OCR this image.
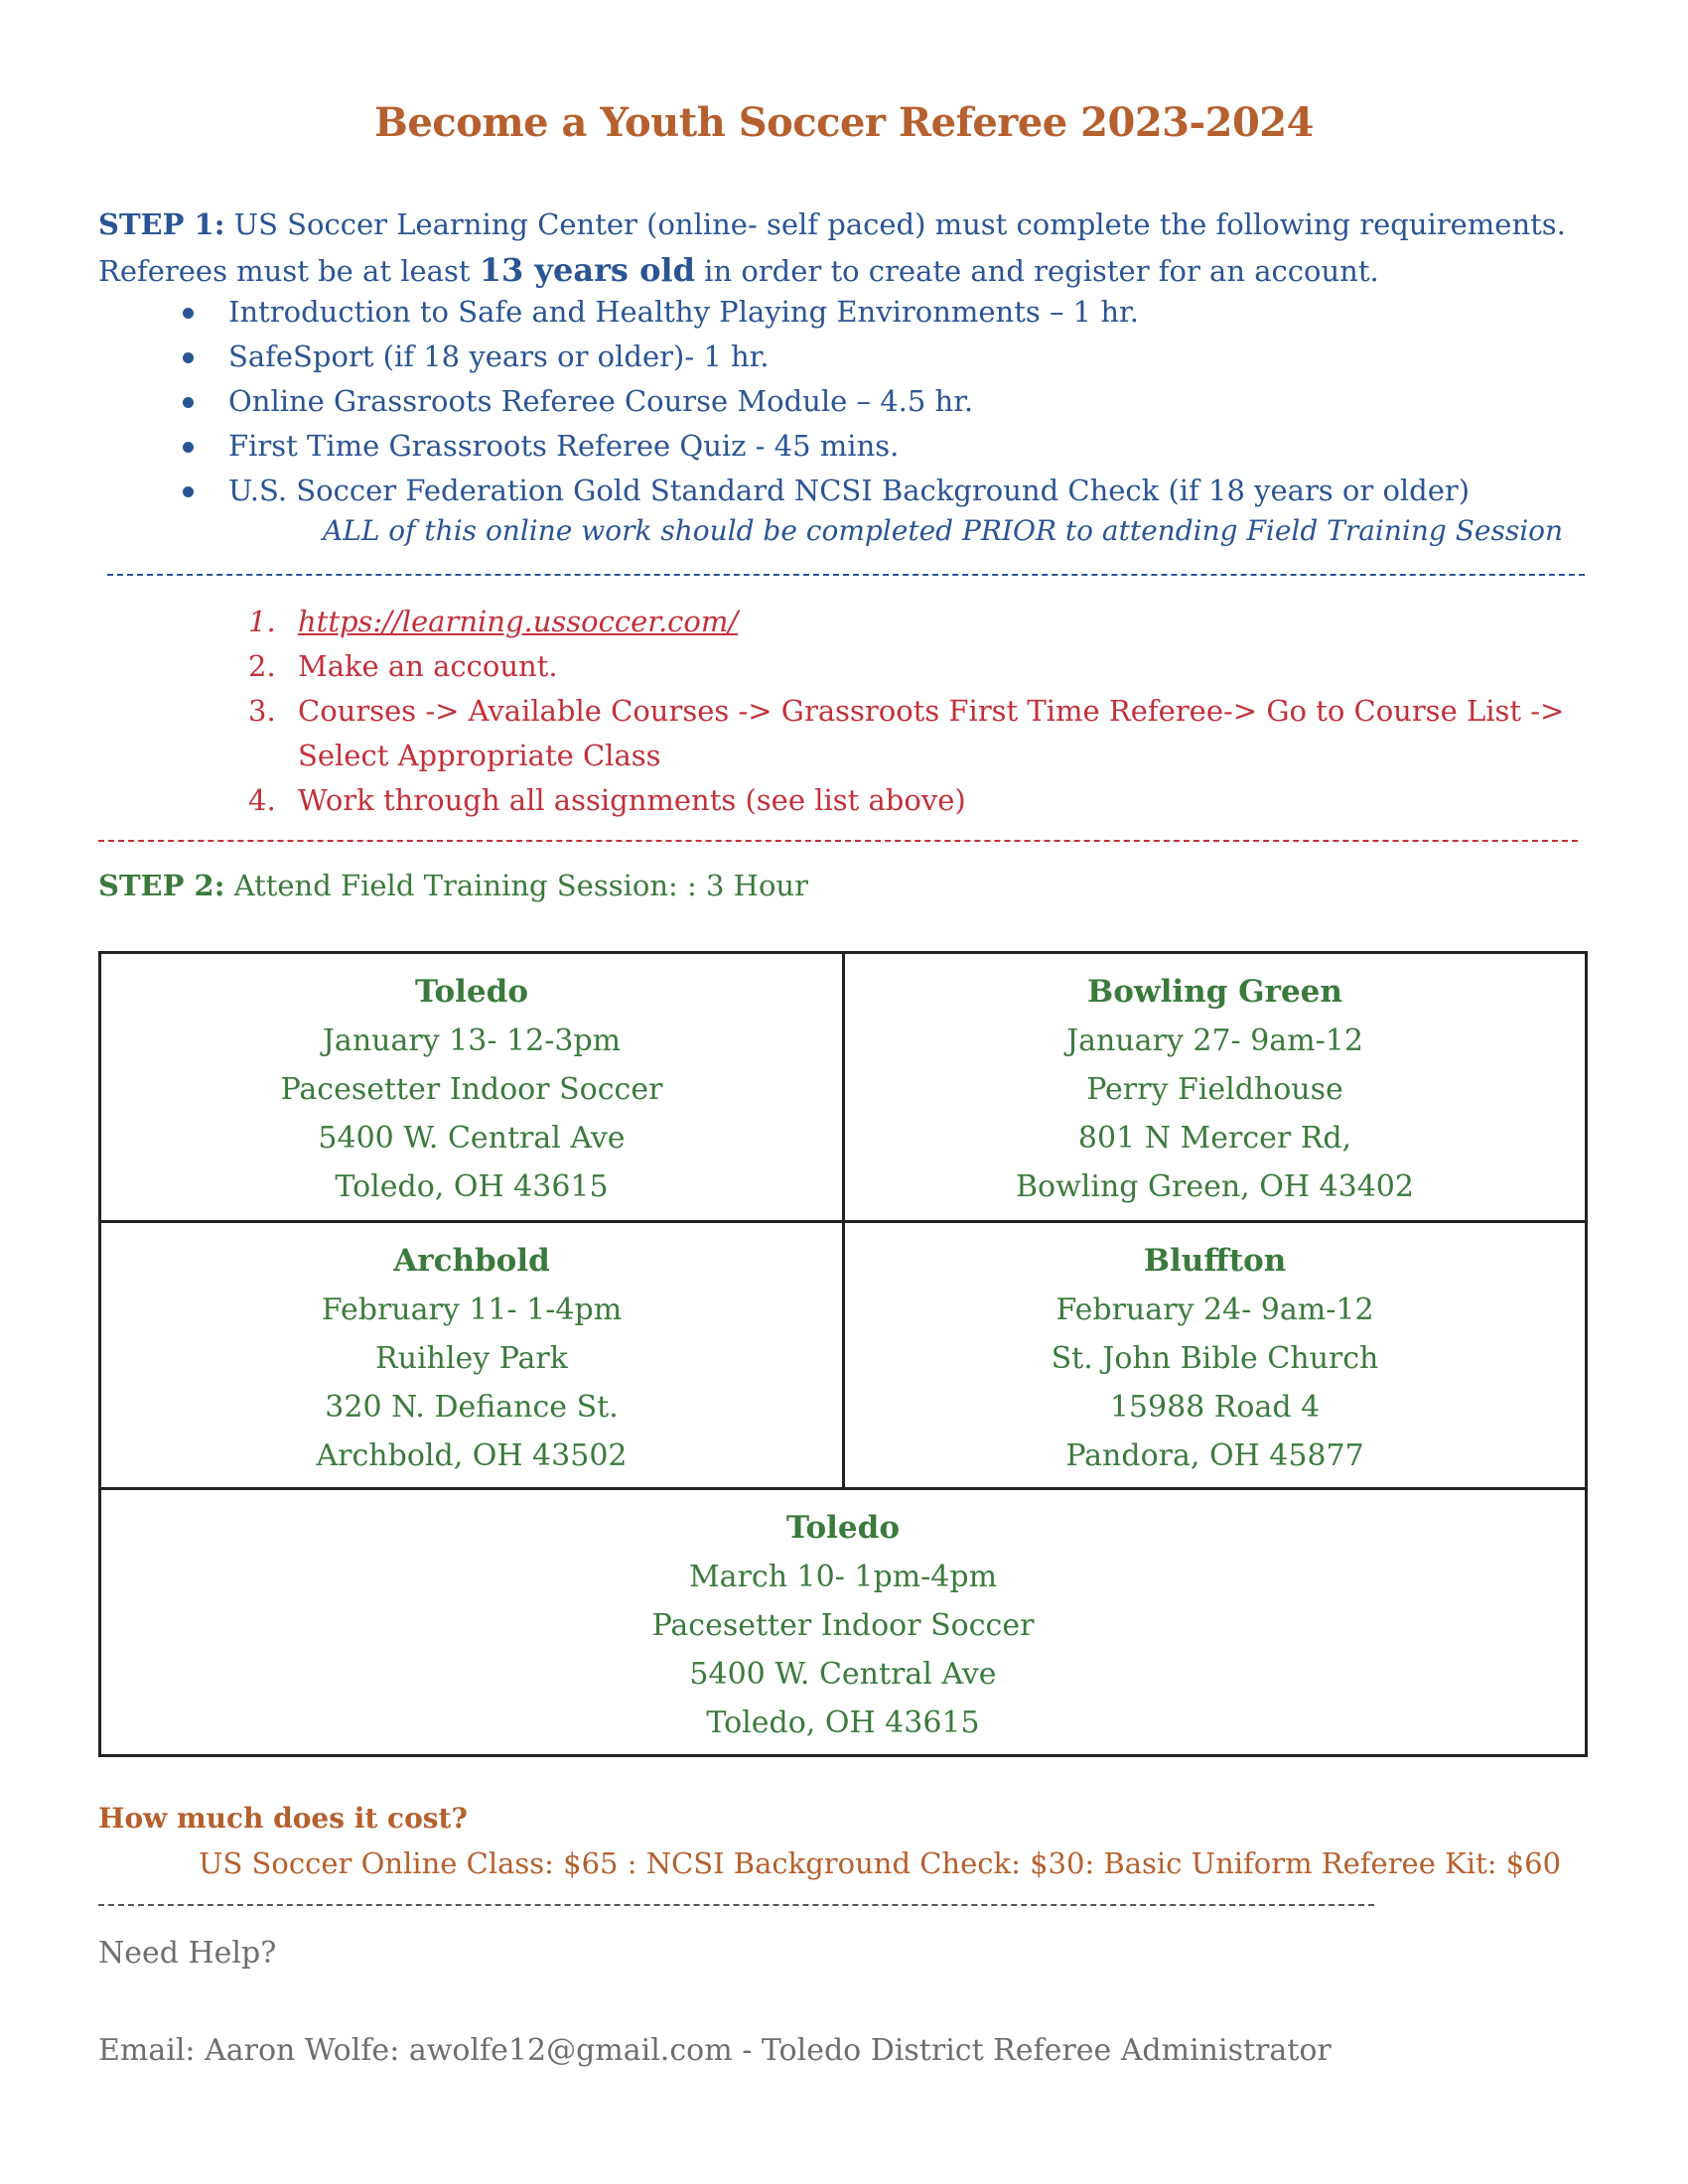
Become a Youth Soccer Referee 2023-2024
STEP 1: US Soccer Learning Center (online- self paced) must complete the following requirements.
Referees must be at least 13 years old in order to create and register for an account.
Introduction to Safe and Healthy Playing Environments – 1 hr.
SafeSport (if 18 years or older)- 1 hr.
Online Grassroots Referee Course Module – 4.5 hr.
First Time Grassroots Referee Quiz - 45 mins.
U.S. Soccer Federation Gold Standard NCSI Background Check (if 18 years or older)
ALL of this online work should be completed PRIOR to attending Field Training Session
1. https://learning.ussoccer.com/
2. Make an account.
3. Courses -> Available Courses -> Grassroots First Time Referee-> Go to Course List ->
Select Appropriate Class
4. Work through all assignments (see list above)
STEP 2: Attend Field Training Session: : 3 Hour
Toledo
January 13- 12-3pm
Pacesetter Indoor Soccer
5400 W. Central Ave
Toledo, OH 43615
Bowling Green
January 27- 9am-12
Perry Fieldhouse
801 N Mercer Rd,
Bowling Green, OH 43402
Archbold
February 11- 1-4pm
Ruihley Park
320 N. Defiance St.
Archbold, OH 43502
Bluffton
February 24- 9am-12
St. John Bible Church
15988 Road 4
Pandora, OH 45877
Toledo
March 10- 1pm-4pm
Pacesetter Indoor Soccer
5400 W. Central Ave
Toledo, OH 43615
How much does it cost?
US Soccer Online Class: $65 : NCSI Background Check: $30: Basic Uniform Referee Kit: $60
Need Help?
Email: Aaron Wolfe: awolfe12@gmail.com - Toledo District Referee Administrator
